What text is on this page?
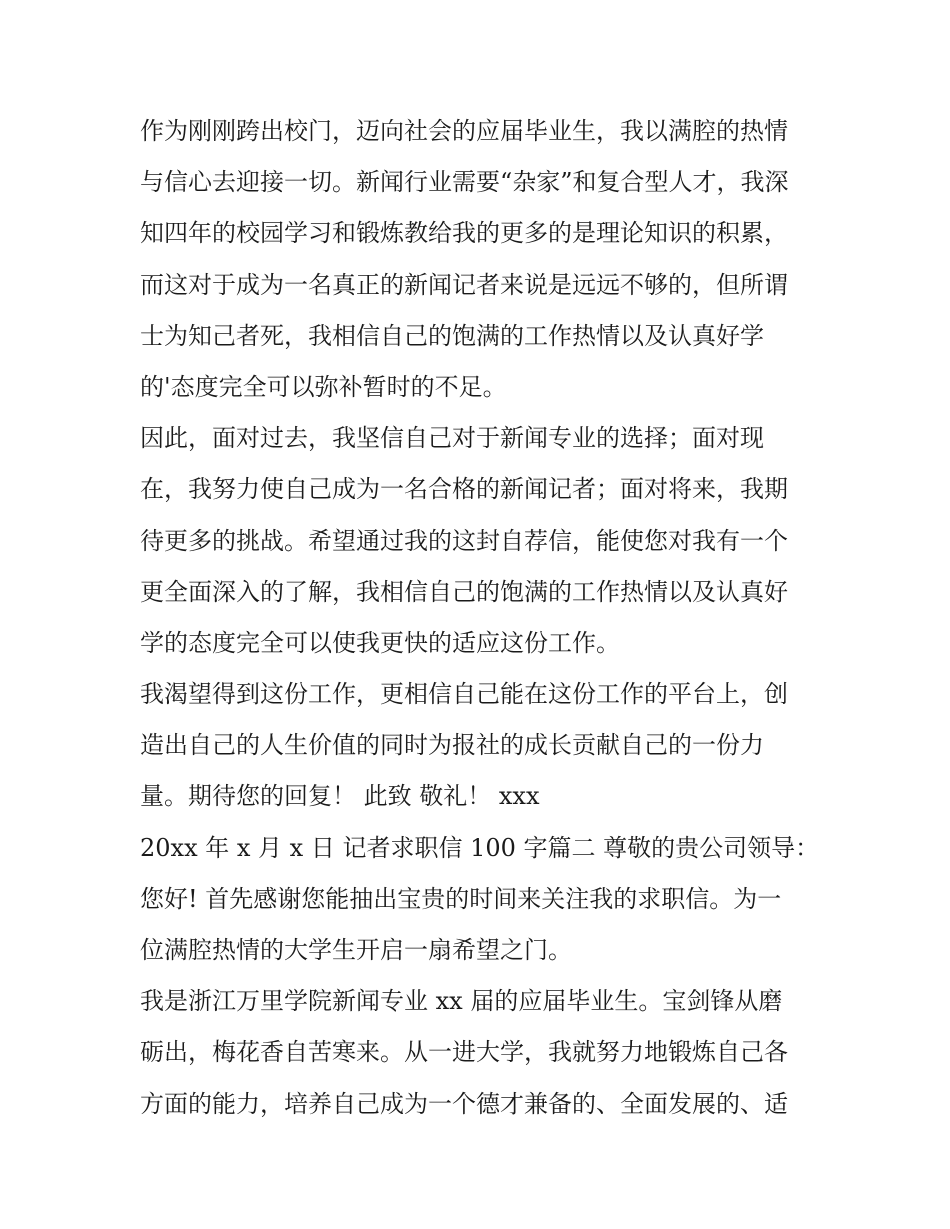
作为刚刚跨出校门，迈向社会的应届毕业生，我以满腔的热情
与信心去迎接一切。新闻行业需要“杂家”和复合型人才，我深
知四年的校园学习和锻炼教给我的更多的是理论知识的积累，
而这对于成为一名真正的新闻记者来说是远远不够的，但所谓
士为知己者死，我相信自己的饱满的工作热情以及认真好学
的'态度完全可以弥补暂时的不足。
因此，面对过去，我坚信自己对于新闻专业的选择；面对现
在，我努力使自己成为一名合格的新闻记者；面对将来，我期
待更多的挑战。希望通过我的这封自荐信，能使您对我有一个
更全面深入的了解，我相信自己的饱满的工作热情以及认真好
学的态度完全可以使我更快的适应这份工作。
我渴望得到这份工作，更相信自己能在这份工作的平台上，创
造出自己的人生价值的同时为报社的成长贡献自己的一份力
量。期待您的回复！ 此致 敬礼！ xxx
20xx 年 x 月 x 日 记者求职信 100 字篇二 尊敬的贵公司领导：
您好! 首先感谢您能抽出宝贵的时间来关注我的求职信。为一
位满腔热情的大学生开启一扇希望之门。
我是浙江万里学院新闻专业 xx 届的应届毕业生。宝剑锋从磨
砺出，梅花香自苦寒来。从一进大学，我就努力地锻炼自己各
方面的能力，培养自己成为一个德才兼备的、全面发展的、适
